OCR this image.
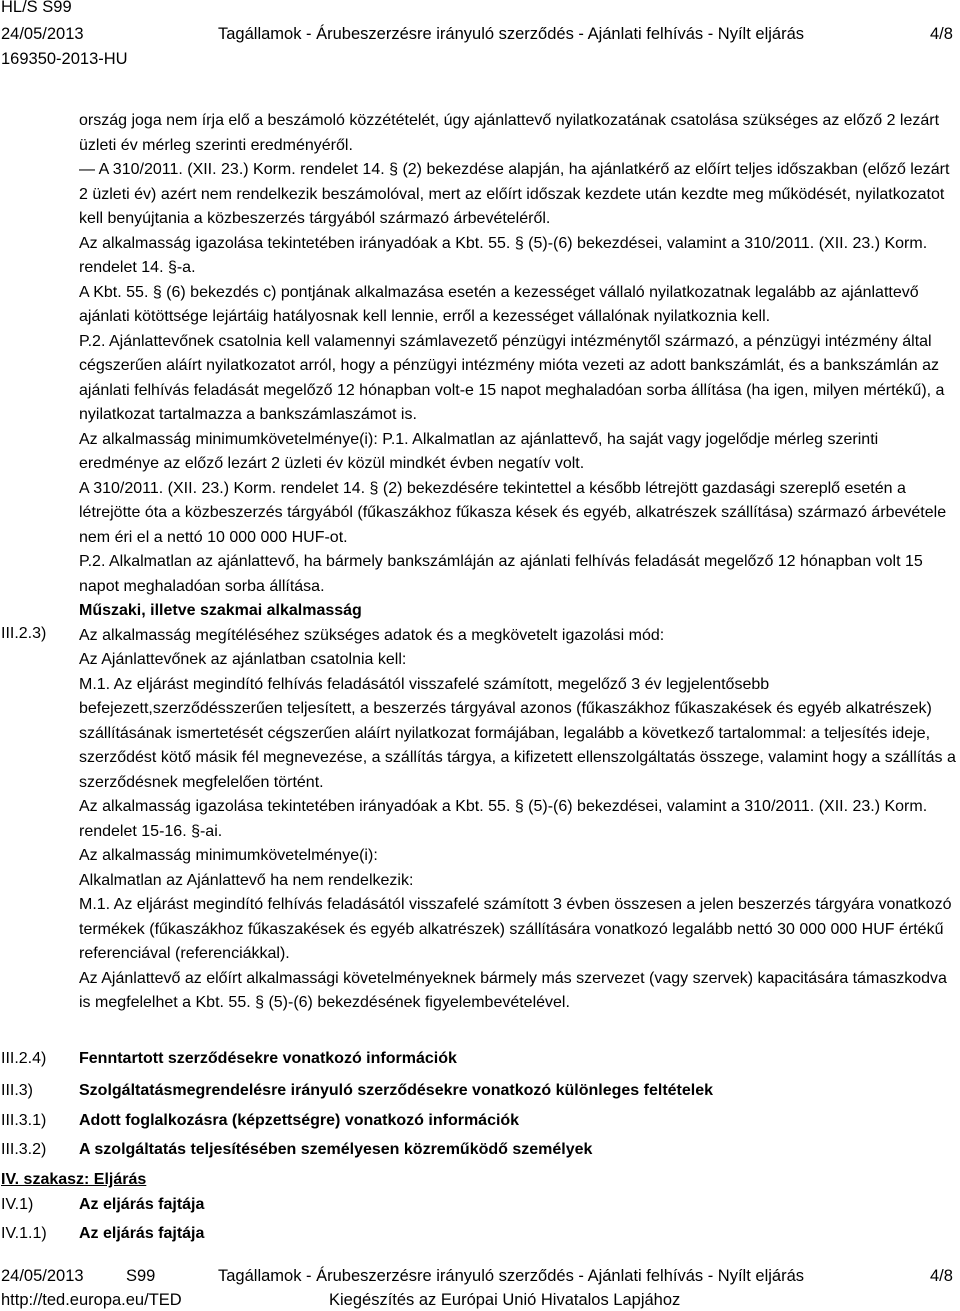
HL/S S99
24/05/2013
169350-2013-HU
Tagállamok - Árubeszerzésre irányuló szerződés - Ajánlati felhívás - Nyílt eljárás	4/8

ország joga nem írja elő a beszámoló közzétételét, úgy ajánlattevő nyilatkozatának csatolása szükséges az előző 2 lezárt üzleti év mérleg szerinti eredményéről.

— A 310/2011. (XII. 23.) Korm. rendelet 14. § (2) bekezdése alapján, ha ajánlatkérő az előírt teljes időszakban (előző lezárt 2 üzleti év) azért nem rendelkezik beszámolóval, mert az előírt időszak kezdete után kezdte meg működését, nyilatkozatot kell benyújtania a közbeszerzés tárgyából származó árbevételéről.

Az alkalmasság igazolása tekintetében irányadóak a Kbt. 55. § (5)-(6) bekezdései, valamint a 310/2011. (XII. 23.) Korm. rendelet 14. §-a.

A Kbt. 55. § (6) bekezdés c) pontjának alkalmazása esetén a kezességet vállaló nyilatkozatnak legalább az ajánlattevő ajánlati kötöttsége lejártáig hatályosnak kell lennie, erről a kezességet vállalónak nyilatkoznia kell.

P.2. Ajánlattevőnek csatolnia kell valamennyi számlavezető pénzügyi intézménytől származó, a pénzügyi intézmény által cégszerűen aláírt nyilatkozatot arról, hogy a pénzügyi intézmény mióta vezeti az adott bankszámlát, és a bankszámlán az ajánlati felhívás feladását megelőző 12 hónapban volt-e 15 napot meghaladóan sorba állítása (ha igen, milyen mértékű), a nyilatkozat tartalmazza a bankszámlaszámot is.

Az alkalmasság minimumkövetelménye(i): P.1. Alkalmatlan az ajánlattevő, ha saját vagy jogelődje mérleg szerinti eredménye az előző lezárt 2 üzleti év közül mindkét évben negatív volt.

A 310/2011. (XII. 23.) Korm. rendelet 14. § (2) bekezdésére tekintettel a később létrejött gazdasági szereplő esetén a létrejötte óta a közbeszerzés tárgyából (fűkaszákhoz fűkasza kések és egyéb, alkatrészek szállítása) származó árbevétele nem éri el a nettó 10 000 000 HUF-ot.

P.2. Alkalmatlan az ajánlattevő, ha bármely bankszámláján az ajánlati felhívás feladását megelőző 12 hónapban volt 15 napot meghaladóan sorba állítása.

Műszaki, illetve szakmai alkalmasság

Az alkalmasság megítéléséhez szükséges adatok és a megkövetelt igazolási mód:

Az Ajánlattevőnek az ajánlatban csatolnia kell:

M.1. Az eljárást megindító felhívás feladásától visszafelé számított, megelőző 3 év legjelentősebb befejezett,szerződésszerűen teljesített, a beszerzés tárgyával azonos (fűkaszákhoz fűkaszakések és egyéb alkatrészek) szállításának ismertetését cégszerűen aláírt nyilatkozat formájában, legalább a következő tartalommal: a teljesítés ideje, szerződést kötő másik fél megnevezése, a szállítás tárgya, a kifizetett ellenszolgáltatás összege, valamint hogy a szállítás a szerződésnek megfelelően történt.

Az alkalmasság igazolása tekintetében irányadóak a Kbt. 55. § (5)-(6) bekezdései, valamint a 310/2011. (XII. 23.) Korm. rendelet 15-16. §-ai.

Az alkalmasság minimumkövetelménye(i):

Alkalmatlan az Ajánlattevő ha nem rendelkezik:

M.1. Az eljárást megindító felhívás feladásától visszafelé számított 3 évben összesen a jelen beszerzés tárgyára vonatkozó termékek (fűkaszákhoz fűkaszakések és egyéb alkatrészek) szállítására vonatkozó legalább nettó 30 000 000 HUF értékű referenciával (referenciákkal).

Az Ajánlattevő az előírt alkalmassági követelményeknek bármely más szervezet (vagy szervek) kapacitására támaszkodva is megfelelhet a Kbt. 55. § (5)-(6) bekezdésének figyelembevételével.

III.2.3)
III.2.4) Fenntartott szerződésekre vonatkozó információk
III.3)	Szolgáltatásmegrendelésre irányuló szerződésekre vonatkozó különleges feltételek
III.3.1) Adott foglalkozásra (képzettségre) vonatkozó információk
III.3.2) A szolgáltatás teljesítésében személyesen közreműködő személyek
IV. szakasz: Eljárás
IV.1)	Az eljárás fajtája
IV.1.1) Az eljárás fajtája
24/05/2013	S99	Tagállamok - Árubeszerzésre irányuló szerződés - Ajánlati felhívás - Nyílt eljárás	4/8
http://ted.europa.eu/TED	Kiegészítés az Európai Unió Hivatalos Lapjához
